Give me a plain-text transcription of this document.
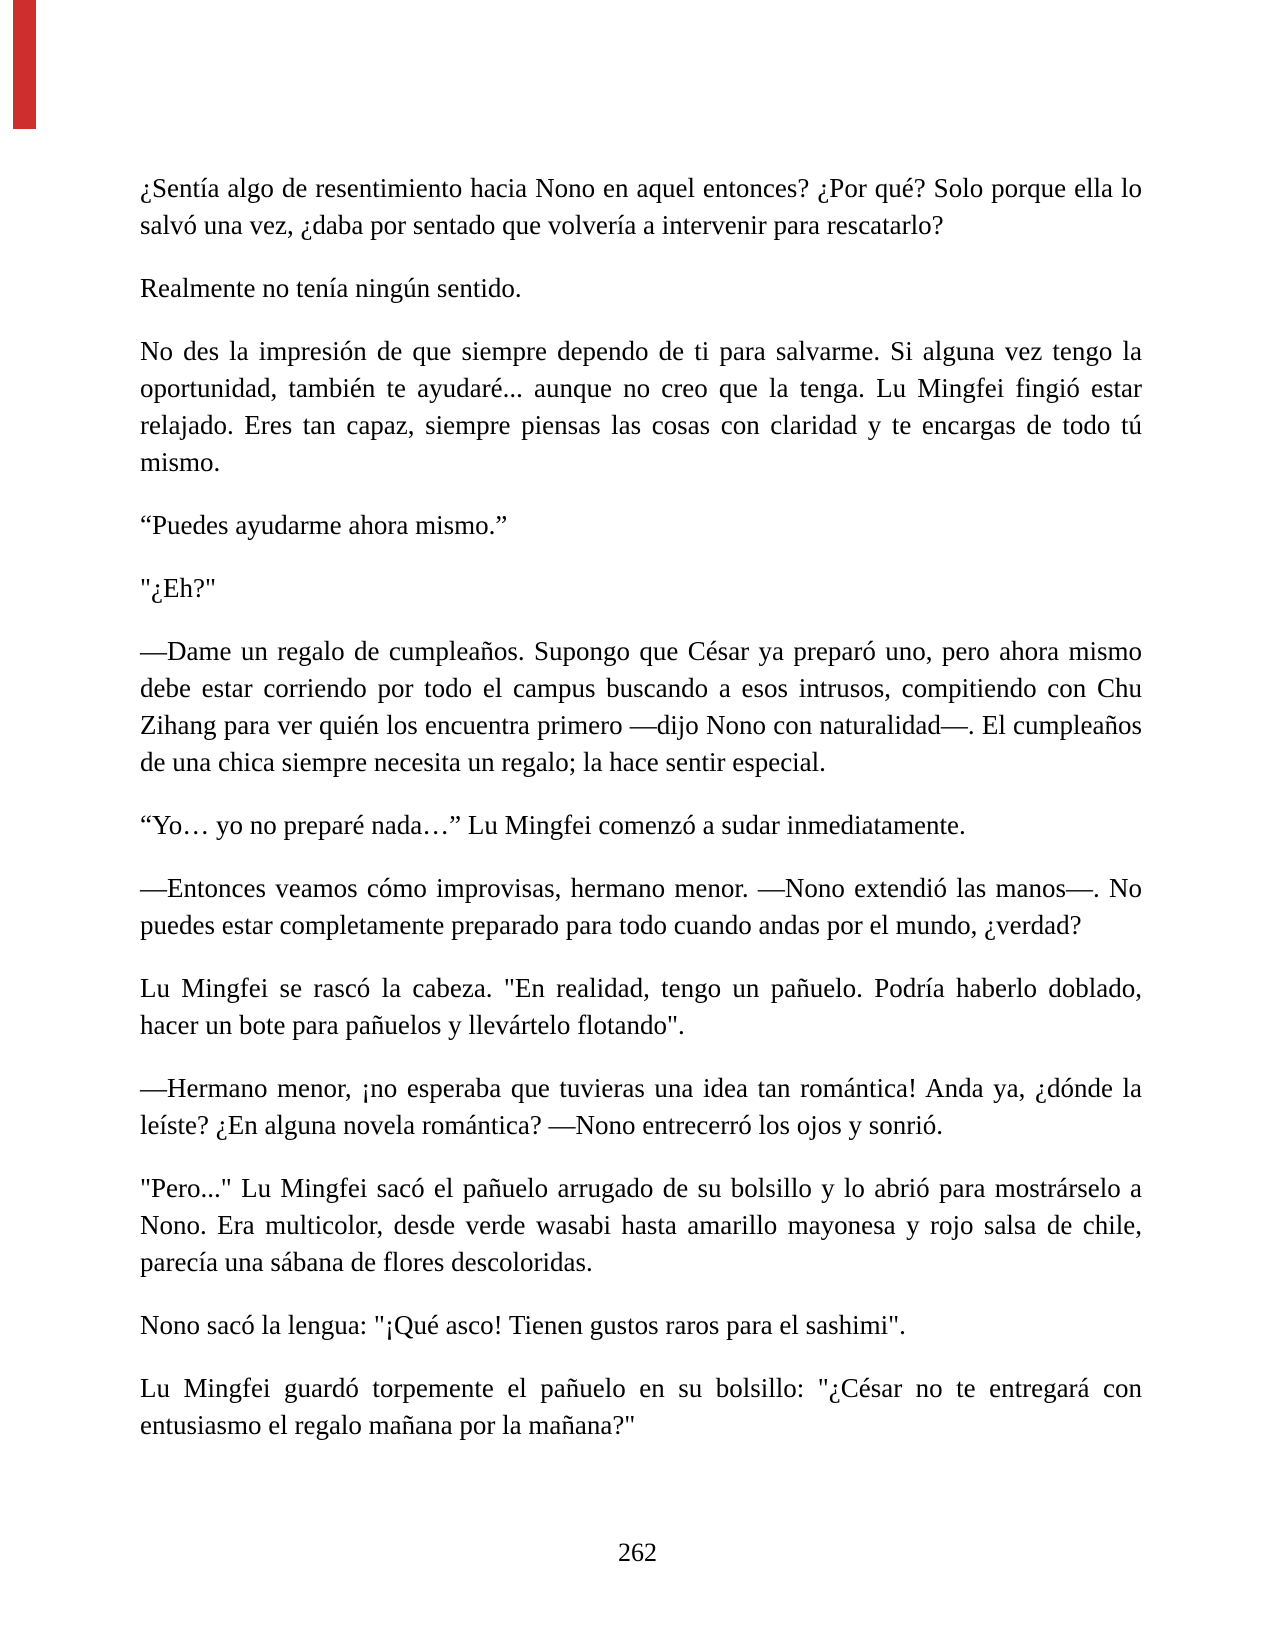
¿Sentía algo de resentimiento hacia Nono en aquel entonces? ¿Por qué? Solo porque ella lo salvó una vez, ¿daba por sentado que volvería a intervenir para rescatarlo?

Realmente no tenía ningún sentido.

No des la impresión de que siempre dependo de ti para salvarme. Si alguna vez tengo la oportunidad, también te ayudaré... aunque no creo que la tenga. Lu Mingfei fingió estar relajado. Eres tan capaz, siempre piensas las cosas con claridad y te encargas de todo tú mismo.

“Puedes ayudarme ahora mismo.”

"¿Eh?"

—Dame un regalo de cumpleaños. Supongo que César ya preparó uno, pero ahora mismo debe estar corriendo por todo el campus buscando a esos intrusos, compitiendo con Chu Zihang para ver quién los encuentra primero —dijo Nono con naturalidad—. El cumpleaños de una chica siempre necesita un regalo; la hace sentir especial.

“Yo… yo no preparé nada…” Lu Mingfei comenzó a sudar inmediatamente.

—Entonces veamos cómo improvisas, hermano menor. —Nono extendió las manos—. No puedes estar completamente preparado para todo cuando andas por el mundo, ¿verdad?

Lu Mingfei se rascó la cabeza. "En realidad, tengo un pañuelo. Podría haberlo doblado, hacer un bote para pañuelos y llevártelo flotando".

—Hermano menor, ¡no esperaba que tuvieras una idea tan romántica! Anda ya, ¿dónde la leíste? ¿En alguna novela romántica? —Nono entrecerró los ojos y sonrió.

"Pero..." Lu Mingfei sacó el pañuelo arrugado de su bolsillo y lo abrió para mostrárselo a Nono. Era multicolor, desde verde wasabi hasta amarillo mayonesa y rojo salsa de chile, parecía una sábana de flores descoloridas.

Nono sacó la lengua: "¡Qué asco! Tienen gustos raros para el sashimi".

Lu Mingfei guardó torpemente el pañuelo en su bolsillo: "¿César no te entregará con entusiasmo el regalo mañana por la mañana?"

262
